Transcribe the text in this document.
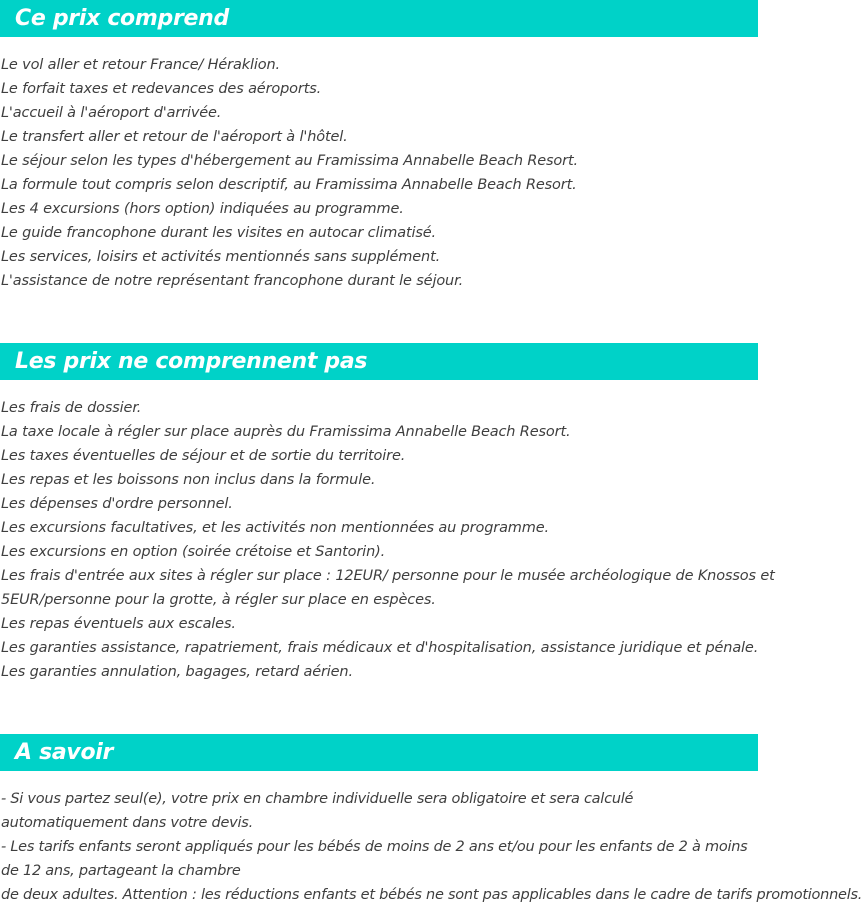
Ce prix comprend
Le vol aller et retour France/ Héraklion.
Le forfait taxes et redevances des aéroports.
L'accueil à l'aéroport d'arrivée.
Le transfert aller et retour de l'aéroport à l'hôtel.
Le séjour selon les types d'hébergement au Framissima Annabelle Beach Resort.
La formule tout compris selon descriptif, au Framissima Annabelle Beach Resort.
Les 4 excursions (hors option) indiquées au programme.
Le guide francophone durant les visites en autocar climatisé.
Les services, loisirs et activités mentionnés sans supplément.
L'assistance de notre représentant francophone durant le séjour.
Les prix ne comprennent pas
Les frais de dossier.
La taxe locale à régler sur place auprès du Framissima Annabelle Beach Resort.
Les taxes éventuelles de séjour et de sortie du territoire.
Les repas et les boissons non inclus dans la formule.
Les dépenses d'ordre personnel.
Les excursions facultatives, et les activités non mentionnées au programme.
Les excursions en option (soirée crétoise et Santorin).
Les frais d'entrée aux sites à régler sur place : 12EUR/ personne pour le musée archéologique de Knossos et
5EUR/personne pour la grotte, à régler sur place en espèces.
Les repas éventuels aux escales.
Les garanties assistance, rapatriement, frais médicaux et d'hospitalisation, assistance juridique et pénale.
Les garanties annulation, bagages, retard aérien.
A savoir
- Si vous partez seul(e), votre prix en chambre individuelle sera obligatoire et sera calculé automatiquement dans votre devis.
- Les tarifs enfants seront appliqués pour les bébés de moins de 2 ans et/ou pour les enfants de 2 à moins de 12 ans, partageant la chambre
de deux adultes. Attention : les réductions enfants et bébés ne sont pas applicables dans le cadre de tarifs promotionnels.
